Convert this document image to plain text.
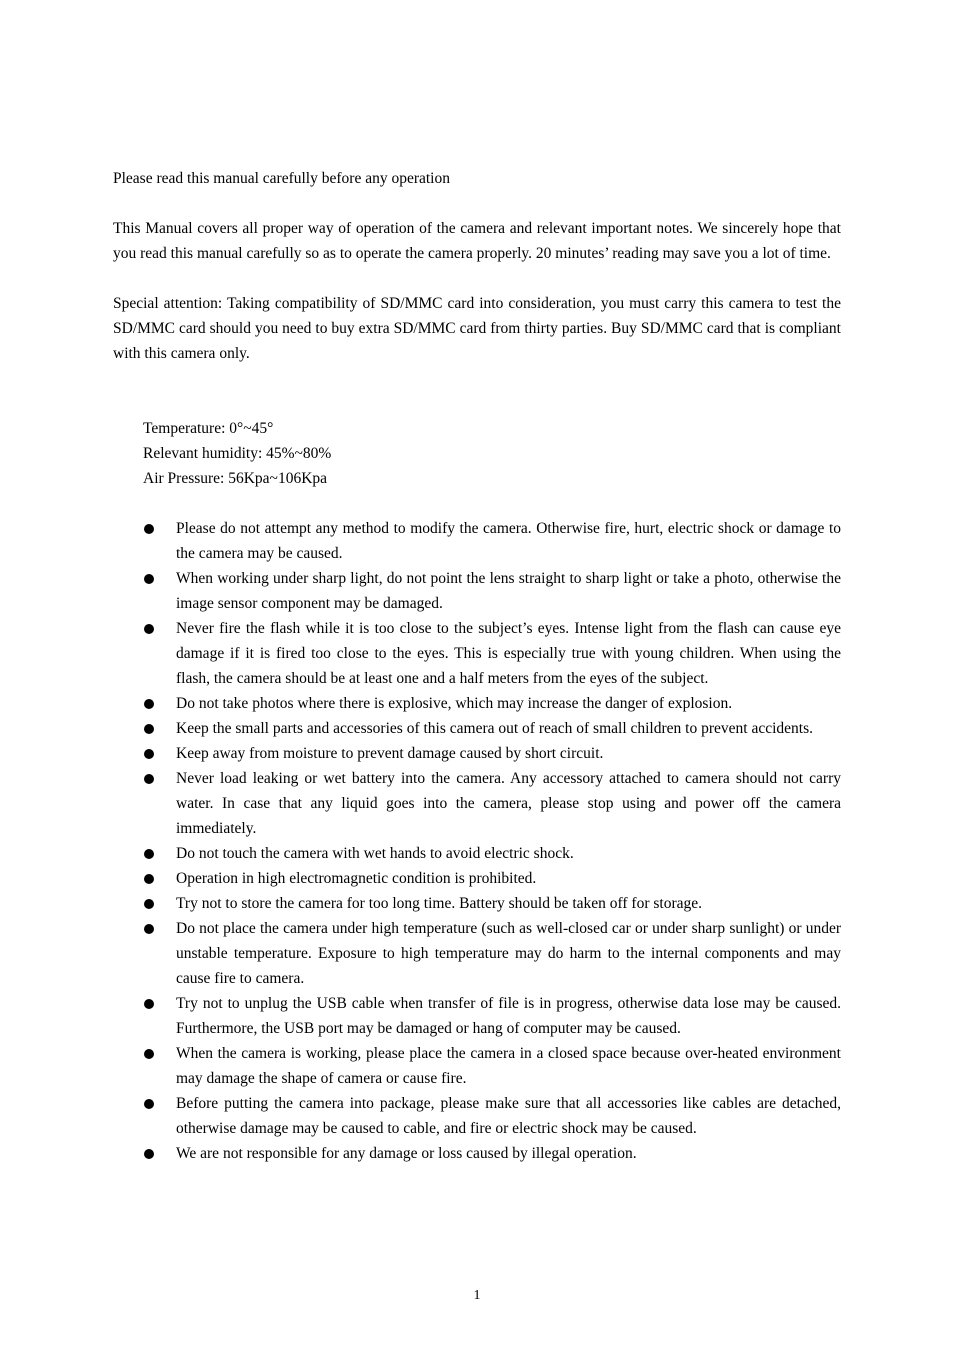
Please read this manual carefully before any operation

This Manual covers all proper way of operation of the camera and relevant important notes. We sincerely hope that you read this manual carefully so as to operate the camera properly. 20 minutes’ reading may save you a lot of time.

Special attention: Taking compatibility of SD/MMC card into consideration, you must carry this camera to test the SD/MMC card should you need to buy extra SD/MMC card from thirty parties. Buy SD/MMC card that is compliant with this camera only.

Temperature: 0°~45°
Relevant humidity: 45%~80%
Air Pressure: 56Kpa~106Kpa
Please do not attempt any method to modify the camera. Otherwise fire, hurt, electric shock or damage to the camera may be caused.
When working under sharp light, do not point the lens straight to sharp light or take a photo, otherwise the image sensor component may be damaged.
Never fire the flash while it is too close to the subject’s eyes. Intense light from the flash can cause eye damage if it is fired too close to the eyes. This is especially true with young children. When using the flash, the camera should be at least one and a half meters from the eyes of the subject.
Do not take photos where there is explosive, which may increase the danger of explosion.
Keep the small parts and accessories of this camera out of reach of small children to prevent accidents.
Keep away from moisture to prevent damage caused by short circuit.
Never load leaking or wet battery into the camera. Any accessory attached to camera should not carry water. In case that any liquid goes into the camera, please stop using and power off the camera immediately.
Do not touch the camera with wet hands to avoid electric shock.
Operation in high electromagnetic condition is prohibited.
Try not to store the camera for too long time. Battery should be taken off for storage.
Do not place the camera under high temperature (such as well-closed car or under sharp sunlight) or under unstable temperature. Exposure to high temperature may do harm to the internal components and may cause fire to camera.
Try not to unplug the USB cable when transfer of file is in progress, otherwise data lose may be caused. Furthermore, the USB port may be damaged or hang of computer may be caused.
When the camera is working, please place the camera in a closed space because over-heated environment may damage the shape of camera or cause fire.
Before putting the camera into package, please make sure that all accessories like cables are detached, otherwise damage may be caused to cable, and fire or electric shock may be caused.
We are not responsible for any damage or loss caused by illegal operation.
1
